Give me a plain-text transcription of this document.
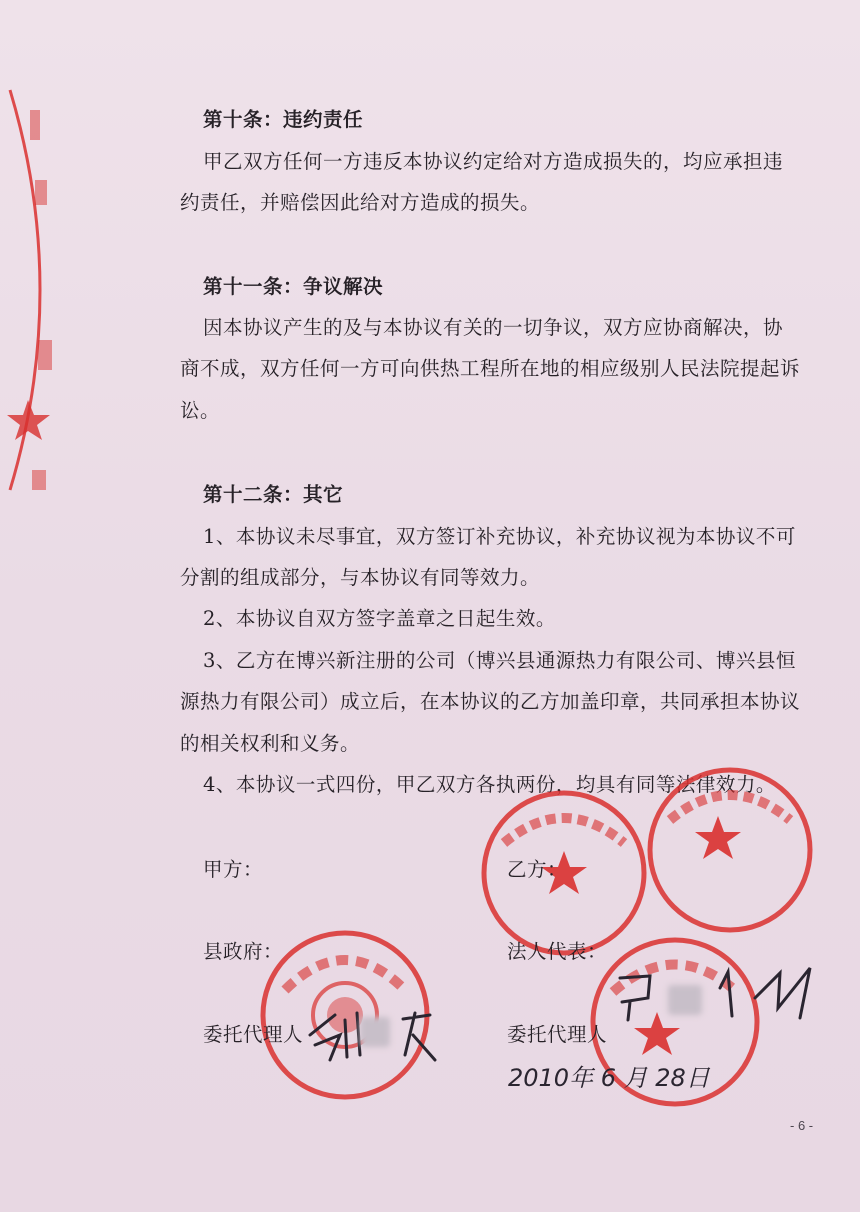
第十条：违约责任
甲乙双方任何一方违反本协议约定给对方造成损失的，均应承担违
约责任，并赔偿因此给对方造成的损失。
第十一条：争议解决
因本协议产生的及与本协议有关的一切争议，双方应协商解决，协
商不成，双方任何一方可向供热工程所在地的相应级别人民法院提起诉
讼。
第十二条：其它
1、本协议未尽事宜，双方签订补充协议，补充协议视为本协议不可
分割的组成部分，与本协议有同等效力。
2、本协议自双方签字盖章之日起生效。
3、乙方在博兴新注册的公司（博兴县通源热力有限公司、博兴县恒
源热力有限公司）成立后，在本协议的乙方加盖印章，共同承担本协议
的相关权利和义务。
4、本协议一式四份，甲乙双方各执两份，均具有同等法律效力。
甲方：	乙方：
县政府：	法人代表：
委托代理人	委托代理人
2010年 6 月 28日
- 6 -
